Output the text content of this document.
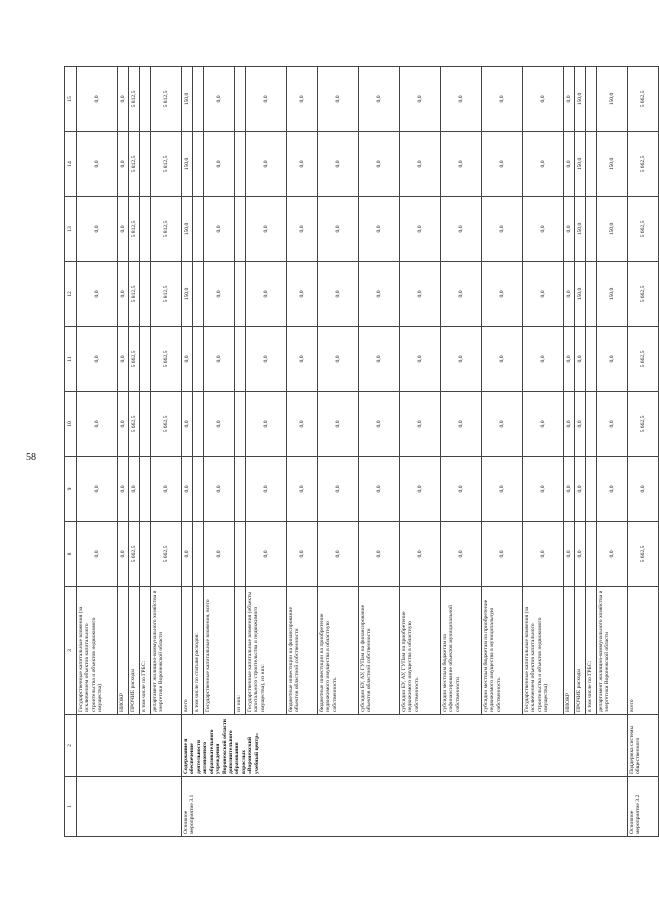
58
1	2	3	8	9	10	11	12	13	14	15
		Государственные капитальные вложения (за исключением объектов капитального строительства и объектов недвижимого имущества)	0,0	0,0	0,0	0,0	0,0	0,0	0,0	0,0
		НИОКР	0,0	0,0	0,0	0,0	0,0	0,0	0,0	0,0
		ПРОЧИЕ расходы	5 662,5	0,0	5 662,5	5 662,5	5 812,5	5 812,5	5 812,5	5 812,5
		в том числе по ГРБС:								
		департамент жилищно-коммунального хозяйства и энергетики Воронежской области	5 662,5	0,0	5 662,5	5 662,5	5 812,5	5 812,5	5 812,5	5 812,5
Основное мероприятие 3.1	Содержание и обеспечение деятельности автономного образовательного учреждения Воронежской области дополнительного образования взрослых «Воронежский учебный центр»	всего	0,0	0,0	0,0	0,0	150,0	150,0	150,0	150,0
		в том числе по статьям расходов:								
		Государственные капитальные вложения, всего	0,0	0,0	0,0	0,0	0,0	0,0	0,0	0,0
		из них:								
		Государственные капитальные вложения (объекты капитального строительства и недвижимого имущества), из них:	0,0	0,0	0,0	0,0	0,0	0,0	0,0	0,0
		бюджетные инвестиции на финансирование объектов областной собственности	0,0	0,0	0,0	0,0	0,0	0,0	0,0	0,0
		бюджетные инвестиции на приобретение недвижимого имущества в областную собственность	0,0	0,0	0,0	0,0	0,0	0,0	0,0	0,0
		субсидии БУ, АУ, ГУПам на финансирование объектов областной собственности	0,0	0,0	0,0	0,0	0,0	0,0	0,0	0,0
		субсидии БУ, АУ, ГУПам на приобретение недвижимого имущества в областную собственность	0,0	0,0	0,0	0,0	0,0	0,0	0,0	0,0
		субсидии местным бюджетам на софинансирование объектов муниципальной собственности	0,0	0,0	0,0	0,0	0,0	0,0	0,0	0,0
		субсидии местным бюджетам на приобретение недвижимого имущества в муниципальную собственность	0,0	0,0	0,0	0,0	0,0	0,0	0,0	0,0
		Государственные капитальные вложения (за исключением объектов капитального строительства и объектов недвижимого имущества)	0,0	0,0	0,0	0,0	0,0	0,0	0,0	0,0
		НИОКР	0,0	0,0	0,0	0,0	0,0	0,0	0,0	0,0
		ПРОЧИЕ расходы	0,0	0,0	0,0	0,0	150,0	150,0	150,0	150,0
		в том числе по ГРБС:								
		департамент жилищно-коммунального хозяйства и энергетики Воронежской области	0,0	0,0	0,0	0,0	150,0	150,0	150,0	150,0
Основное мероприятие 3.2	Поддержка системы общественного	всего	5 662,5	0,0	5 662,5	5 662,5	5 662,5	5 662,5	5 662,5	5 662,5
